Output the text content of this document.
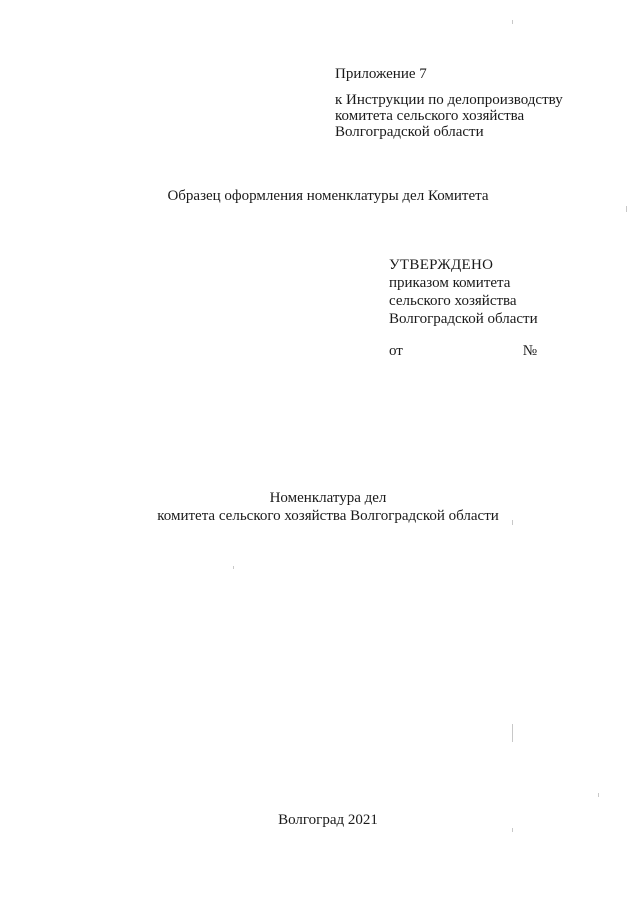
Приложение 7
к Инструкции по делопроизводству
комитета сельского хозяйства
Волгоградской области
Образец оформления номенклатуры дел Комитета
УТВЕРЖДЕНО
приказом комитета
сельского хозяйства
Волгоградской области
от	№
Номенклатура дел
комитета сельского хозяйства Волгоградской области
Волгоград 2021
